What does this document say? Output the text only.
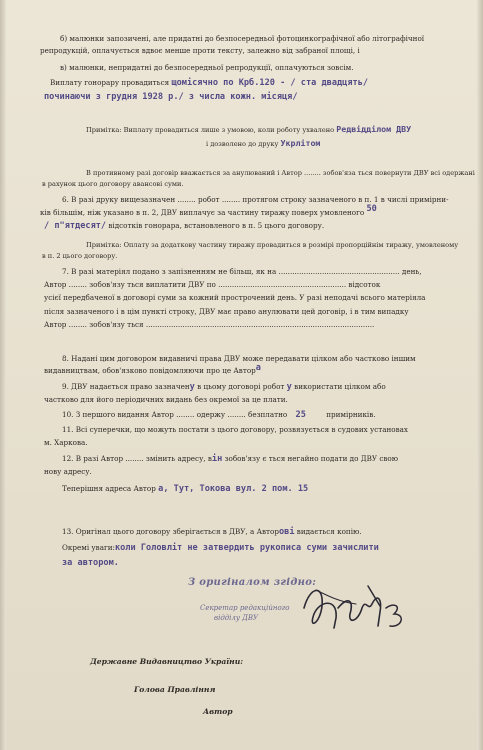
б) малюнки запозичені, але придатні до безпосередньої фотоцинкографічної або літографічної
репродукцій, оплачується вдвоє менше проти тексту, залежно від забраної площі, і
в) малюнки, непридатні до безпосередньої репродукції, оплачуються зовсім.
Виплату гонорару провадиться щомісячно по Крб.120 - / ста двадцять/
починаючи з грудня 1928 р./ з числа кожн. місяця/
Примітка: Виплату провадиться лише з умовою, коли роботу ухвалено Редвідділом ДВУ
і дозволено до друку Укрлітом
В противному разі договір вважається за анулюваний і Автор ........ зобов'яза ться повернути ДВУ всі одержані
в рахунок цього договору авансові суми.
6. В разі друку вищезазначен ........ робот ........ протягом строку зазначеного в п. 1 в числі примірни-
ків більшім, ніж указано в п. 2, ДВУ виплачує за частину тиражу поверх умовленого 50
/ п"ятдесят/ відсотків гонорара, встановленого в п. 5 цього договору.
Примітка: Оплату за додаткову частину тиражу провадиться в розмірі пропорційнім тиражу, умовленому
в п. 2 цього договору.
7. В разі матеріял подано з запізненням не більш, як на ..................................................... день,
Автор ........ зобов'язу ться виплатити ДВУ по ........................................................ відсоток
усієї передбаченої в договорі суми за кожний прострочений день. У разі неподачі всього матеріяла
після зазначеного і в цім пункті строку, ДВУ має право анулювати цей договір, і в тим випадку
Автор ........ зобов'язу ться ....................................................................................................
8. Надані цим договором видавничі права ДВУ може передавати цілком або частково іншим
видавництвам, обов'язково повідомляючи про це Автора
9. ДВУ надається право зазначену в цьому договорі робот у використати цілком або
частково для його періодичних видань без окремої за це плати.
10. З першого видання Автор ........ одержу ........ безплатно 25	примірників.
11. Всі суперечки, що можуть постати з цього договору, розвязується в судових установах
м. Харкова.
12. В разі Автор ........ змінить адресу, він зобов'язу є ться негайно подати до ДВУ свою
нову адресу.
Теперішня адреса Автор а, Тут, Токова вул. 2 пом. 15
13. Оригінал цього договору зберігається в ДВУ, а Авторові видається копію.
Окремі уваги:коли Головліт не затвердить рукописа суми зачислити
за автором.
З оригіналом згідно:
Секретар редакційного
відділу ДВУ
Державне Видавництво України:
Голова Правління
Автор
